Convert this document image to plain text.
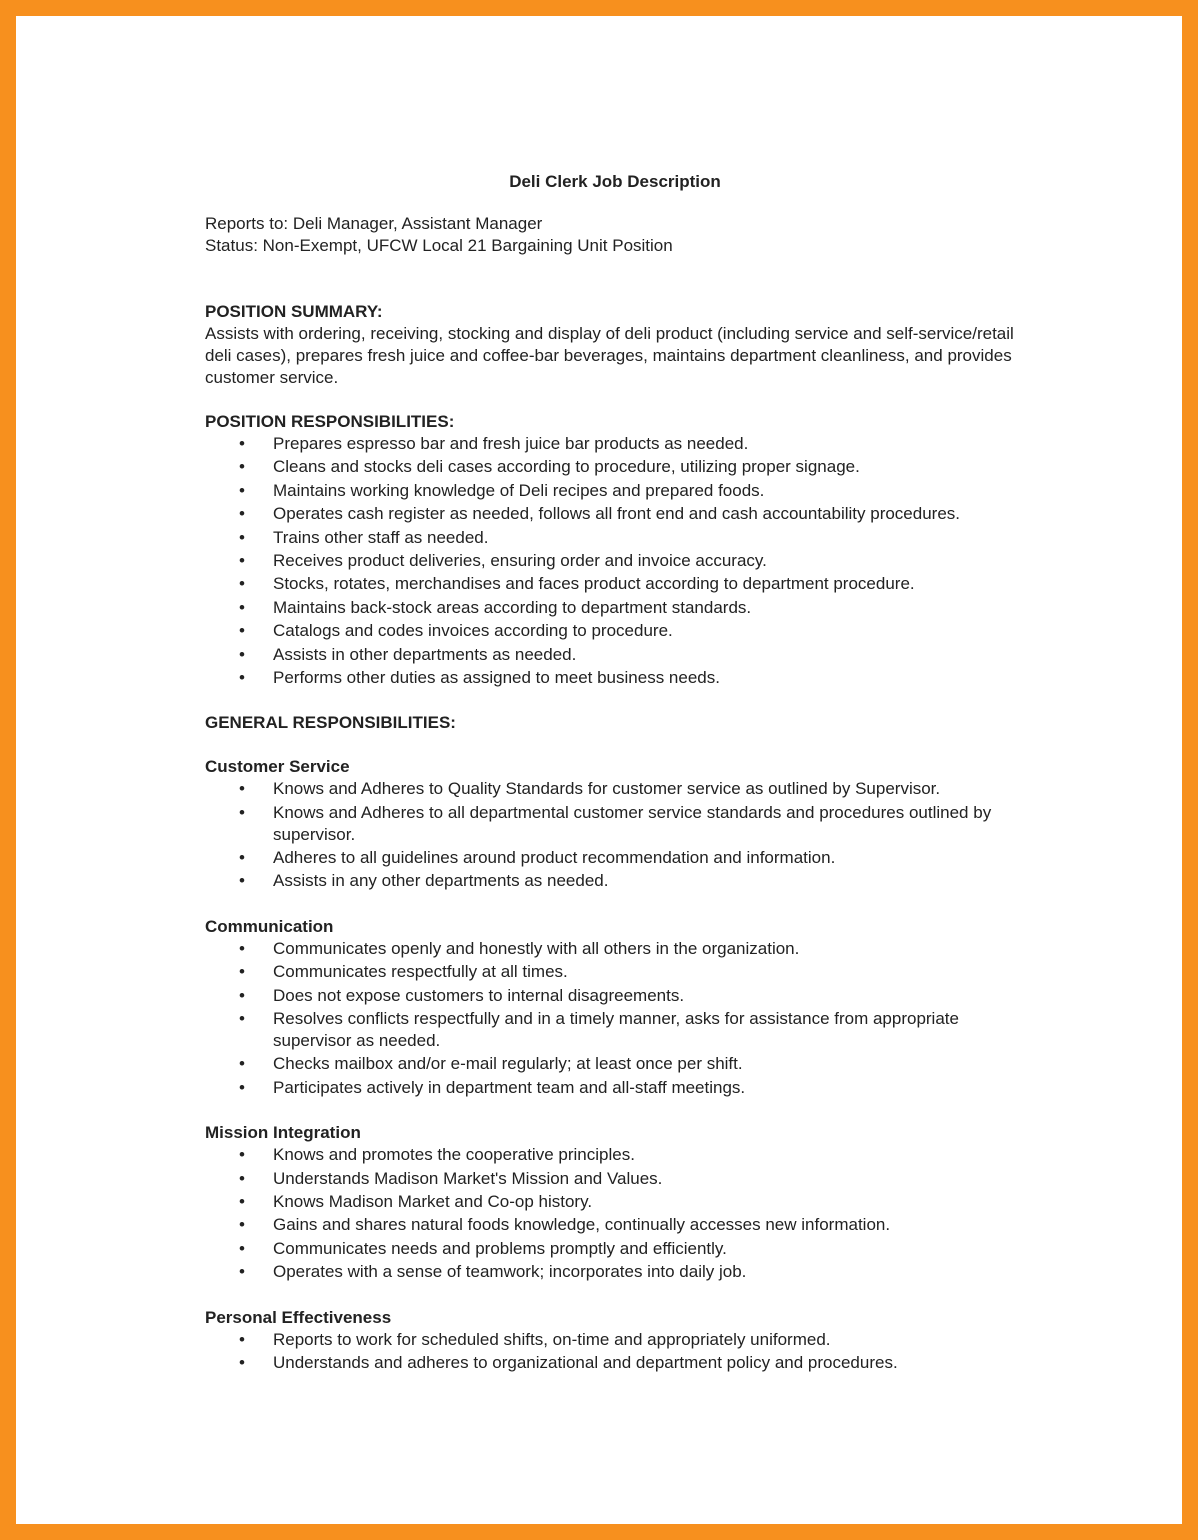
Deli Clerk Job Description

Reports to: Deli Manager, Assistant Manager

Status: Non-Exempt, UFCW Local 21 Bargaining Unit Position

POSITION SUMMARY:

Assists with ordering, receiving, stocking and display of deli product (including service and self-service/retail deli cases), prepares fresh juice and coffee-bar beverages, maintains department cleanliness, and provides customer service.

POSITION RESPONSIBILITIES:
• Prepares espresso bar and fresh juice bar products as needed.
• Cleans and stocks deli cases according to procedure, utilizing proper signage.
• Maintains working knowledge of Deli recipes and prepared foods.
• Operates cash register as needed, follows all front end and cash accountability procedures.
• Trains other staff as needed.
• Receives product deliveries, ensuring order and invoice accuracy.
• Stocks, rotates, merchandises and faces product according to department procedure.
• Maintains back-stock areas according to department standards.
• Catalogs and codes invoices according to procedure.
• Assists in other departments as needed.
• Performs other duties as assigned to meet business needs.
GENERAL RESPONSIBILITIES:
Customer Service
• Knows and Adheres to Quality Standards for customer service as outlined by Supervisor.
• Knows and Adheres to all departmental customer service standards and procedures outlined by supervisor.
• Adheres to all guidelines around product recommendation and information.
• Assists in any other departments as needed.
Communication
• Communicates openly and honestly with all others in the organization.
• Communicates respectfully at all times.
• Does not expose customers to internal disagreements.
• Resolves conflicts respectfully and in a timely manner, asks for assistance from appropriate supervisor as needed.
• Checks mailbox and/or e-mail regularly; at least once per shift.
• Participates actively in department team and all-staff meetings.
Mission Integration
• Knows and promotes the cooperative principles.
• Understands Madison Market's Mission and Values.
• Knows Madison Market and Co-op history.
• Gains and shares natural foods knowledge, continually accesses new information.
• Communicates needs and problems promptly and efficiently.
• Operates with a sense of teamwork; incorporates into daily job.
Personal Effectiveness
• Reports to work for scheduled shifts, on-time and appropriately uniformed.
• Understands and adheres to organizational and department policy and procedures.
